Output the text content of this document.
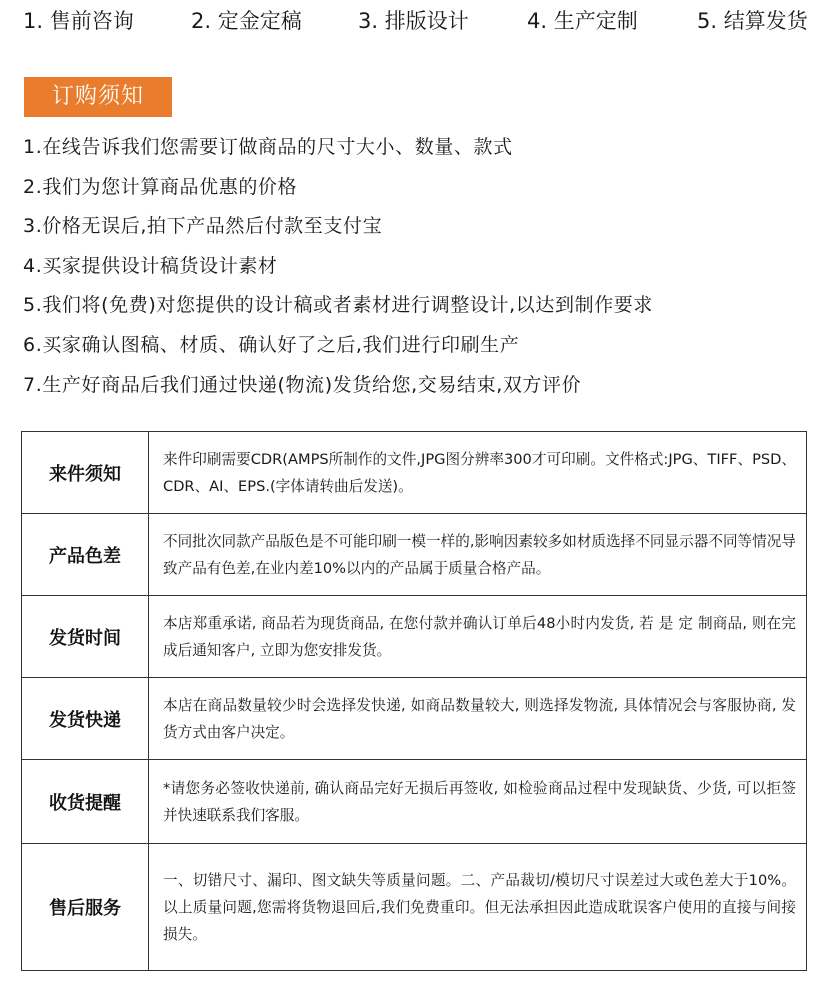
1. 售前咨询	2. 定金定稿	3. 排版设计	4. 生产定制	5. 结算发货
订购须知
1.在线告诉我们您需要订做商品的尺寸大小、数量、款式
2.我们为您计算商品优惠的价格
3.价格无误后,拍下产品然后付款至支付宝
4.买家提供设计稿货设计素材
5.我们将(免费)对您提供的设计稿或者素材进行调整设计,以达到制作要求
6.买家确认图稿、材质、确认好了之后,我们进行印刷生产
7.生产好商品后我们通过快递(物流)发货给您,交易结束,双方评价
来件须知	来件印刷需要CDR(AMPS所制作的文件,JPG图分辨率300才可印刷。文件格式:JPG、TIFF、PSD、CDR、AI、EPS.(字体请转曲后发送)。
产品色差	不同批次同款产品版色是不可能印刷一模一样的,影响因素较多如材质选择不同显示器不同等情况导致产品有色差,在业内差10%以内的产品属于质量合格产品。
发货时间	本店郑重承诺, 商品若为现货商品, 在您付款并确认订单后48小时内发货, 若 是 定 制商品, 则在完成后通知客户, 立即为您安排发货。
发货快递	本店在商品数量较少时会选择发快递, 如商品数量较大, 则选择发物流, 具体情况会与客服协商, 发货方式由客户决定。
收货提醒	*请您务必签收快递前, 确认商品完好无损后再签收, 如检验商品过程中发现缺货、少货, 可以拒签并快速联系我们客服。
售后服务	一、切错尺寸、漏印、图文缺失等质量问题。二、产品裁切/模切尺寸误差过大或色差大于10%。以上质量问题,您需将货物退回后,我们免费重印。但无法承担因此造成耽误客户使用的直接与间接损失。
